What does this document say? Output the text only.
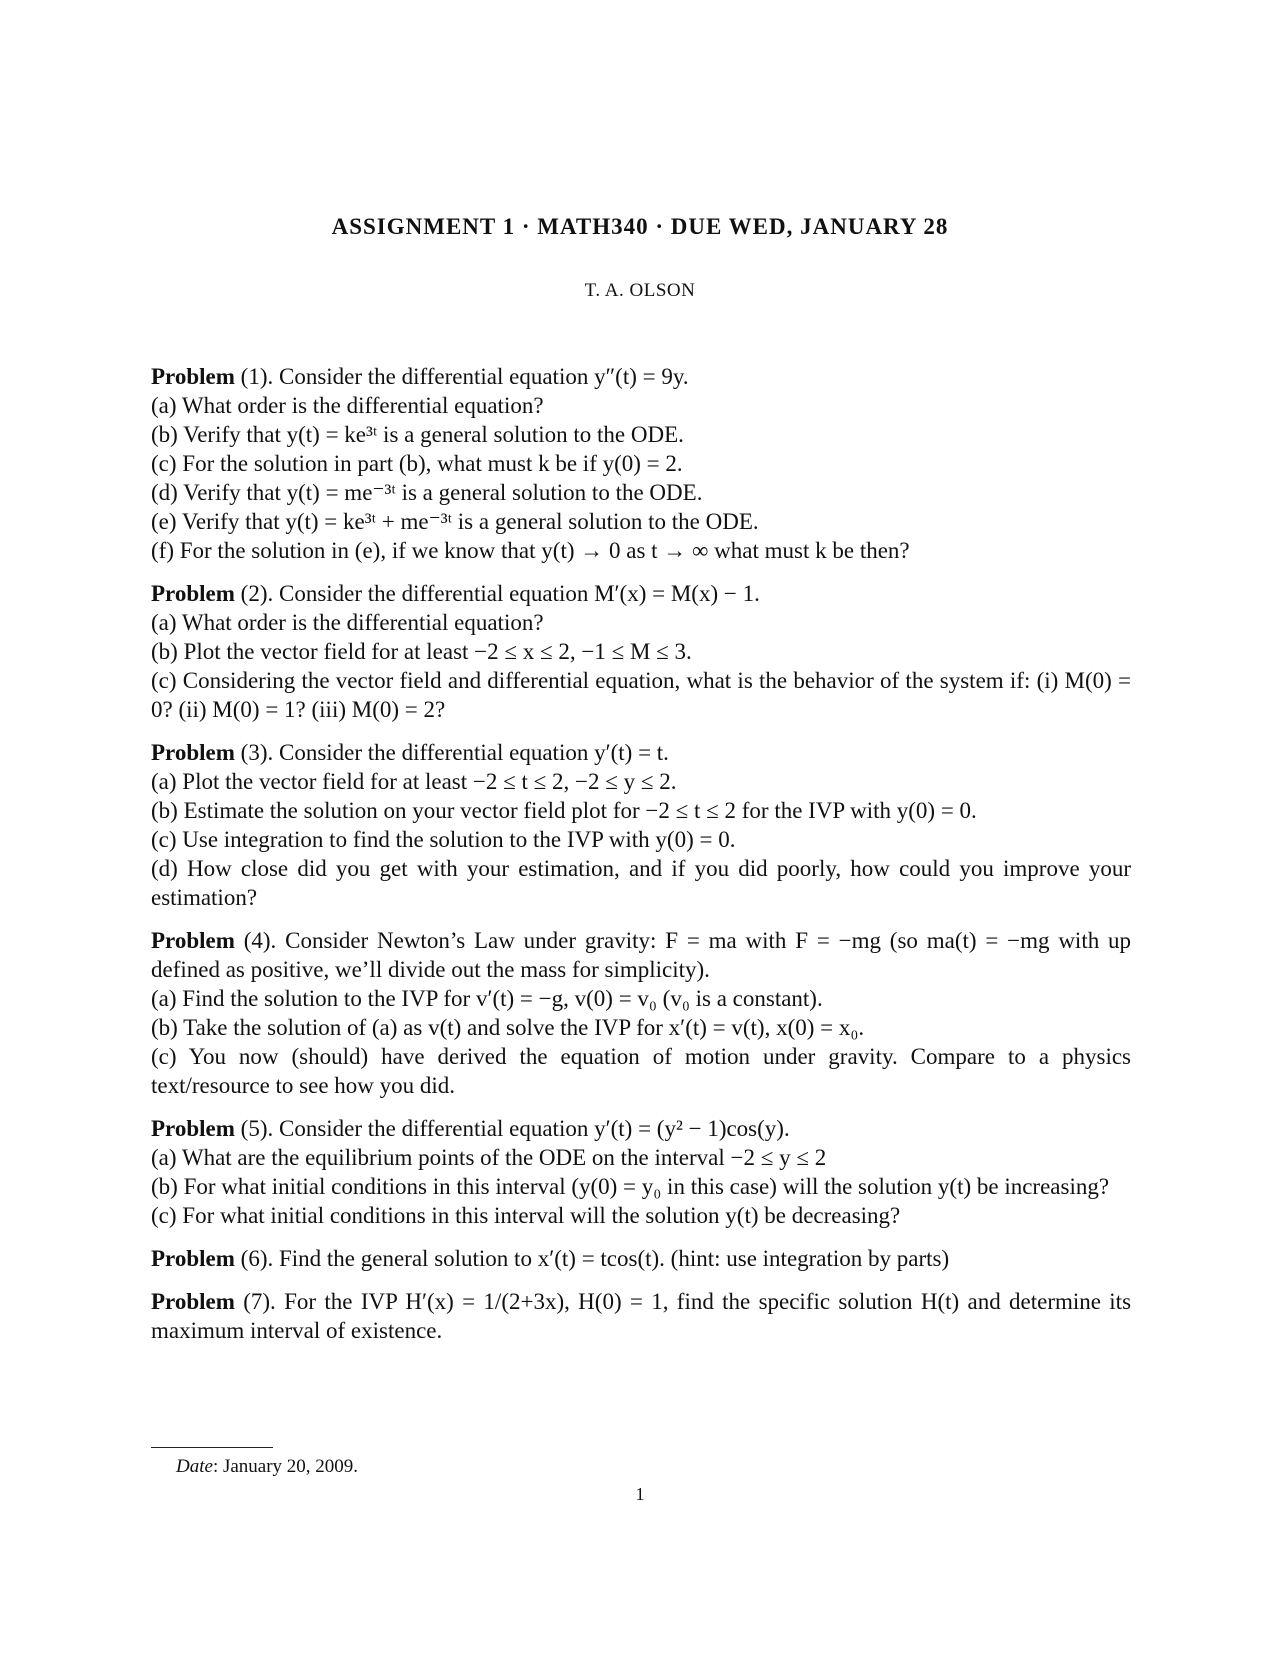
ASSIGNMENT 1 · MATH340 · DUE WED, JANUARY 28
T. A. OLSON
Problem (1). Consider the differential equation y″(t) = 9y.
(a) What order is the differential equation?
(b) Verify that y(t) = ke³ᵗ is a general solution to the ODE.
(c) For the solution in part (b), what must k be if y(0) = 2.
(d) Verify that y(t) = me⁻³ᵗ is a general solution to the ODE.
(e) Verify that y(t) = ke³ᵗ + me⁻³ᵗ is a general solution to the ODE.
(f) For the solution in (e), if we know that y(t) → 0 as t → ∞ what must k be then?
Problem (2). Consider the differential equation M′(x) = M(x) − 1.
(a) What order is the differential equation?
(b) Plot the vector field for at least −2 ≤ x ≤ 2, −1 ≤ M ≤ 3.
(c) Considering the vector field and differential equation, what is the behavior of the system if: (i) M(0) = 0? (ii) M(0) = 1? (iii) M(0) = 2?
Problem (3). Consider the differential equation y′(t) = t.
(a) Plot the vector field for at least −2 ≤ t ≤ 2, −2 ≤ y ≤ 2.
(b) Estimate the solution on your vector field plot for −2 ≤ t ≤ 2 for the IVP with y(0) = 0.
(c) Use integration to find the solution to the IVP with y(0) = 0.
(d) How close did you get with your estimation, and if you did poorly, how could you improve your estimation?
Problem (4). Consider Newton’s Law under gravity: F = ma with F = −mg (so ma(t) = −mg with up defined as positive, we’ll divide out the mass for simplicity).
(a) Find the solution to the IVP for v′(t) = −g, v(0) = v₀ (v₀ is a constant).
(b) Take the solution of (a) as v(t) and solve the IVP for x′(t) = v(t), x(0) = x₀.
(c) You now (should) have derived the equation of motion under gravity. Compare to a physics text/resource to see how you did.
Problem (5). Consider the differential equation y′(t) = (y² − 1)cos(y).
(a) What are the equilibrium points of the ODE on the interval −2 ≤ y ≤ 2
(b) For what initial conditions in this interval (y(0) = y₀ in this case) will the solution y(t) be increasing?
(c) For what initial conditions in this interval will the solution y(t) be decreasing?
Problem (6). Find the general solution to x′(t) = tcos(t). (hint: use integration by parts)
Problem (7). For the IVP H′(x) = 1/(2+3x), H(0) = 1, find the specific solution H(t) and determine its maximum interval of existence.
Date: January 20, 2009.
1
